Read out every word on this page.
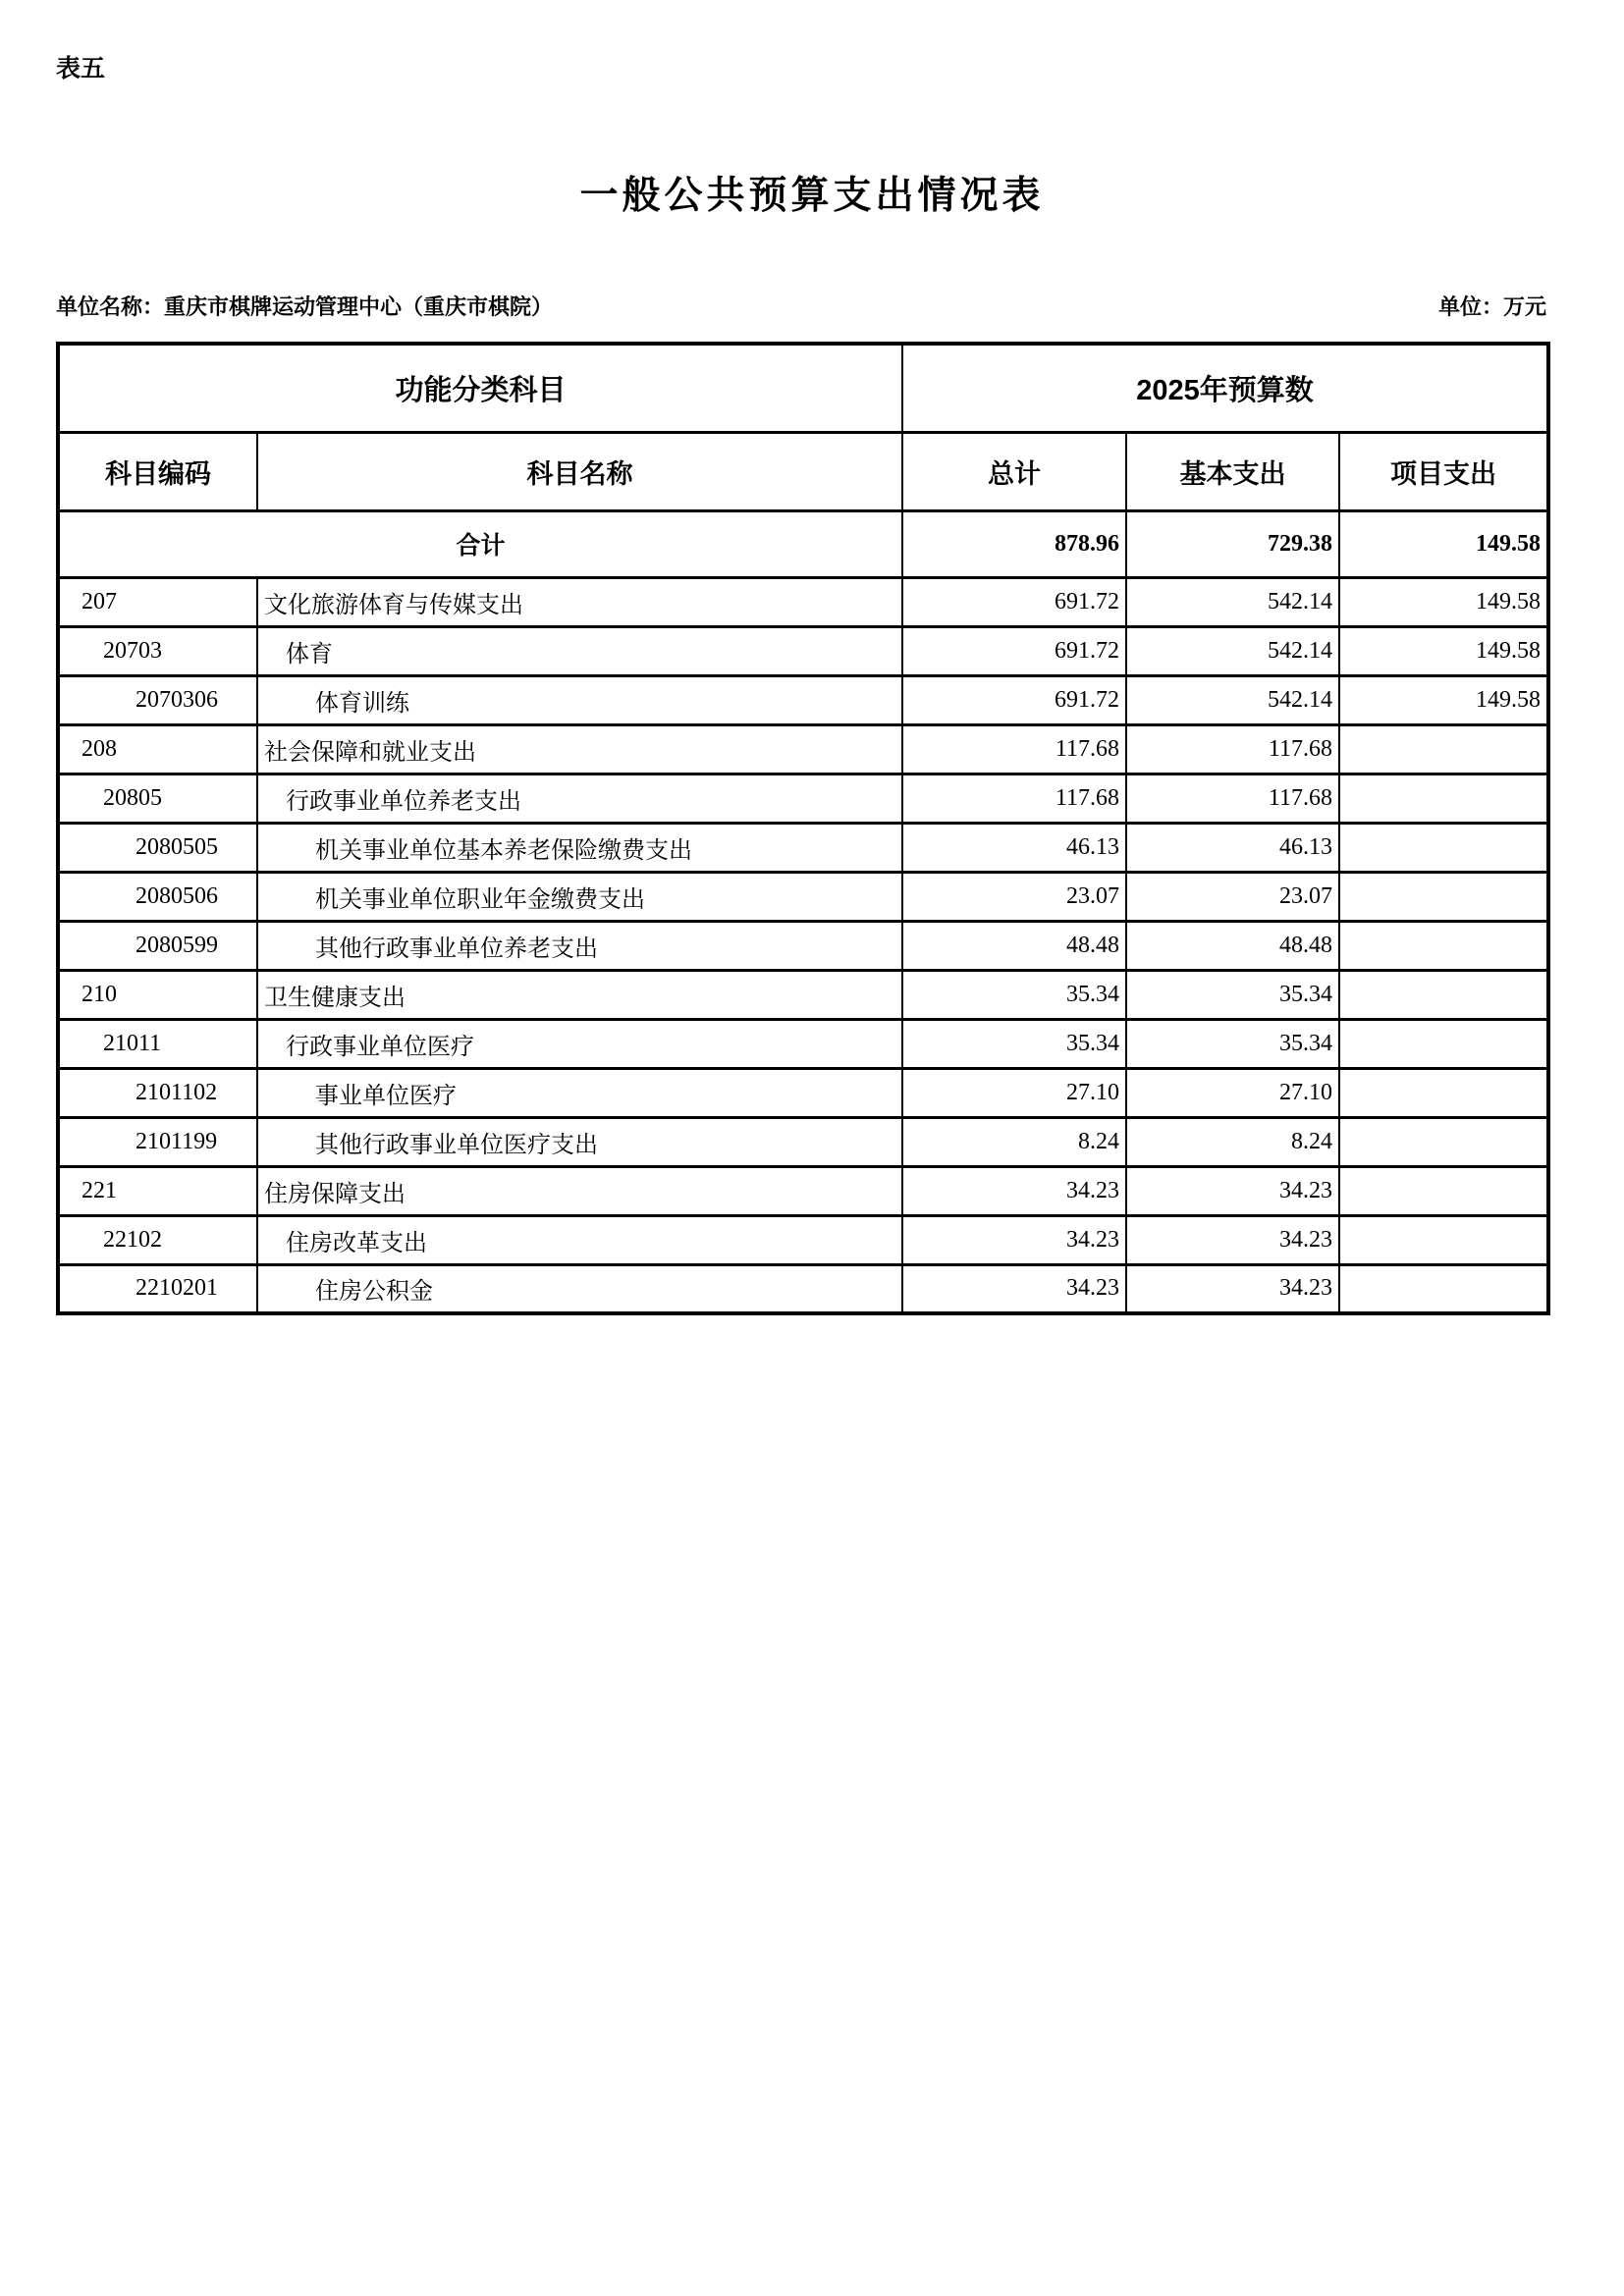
表五
一般公共预算支出情况表
单位名称：重庆市棋牌运动管理中心（重庆市棋院）	单位：万元
功能分类科目		2025年预算数		
科目编码	科目名称	总计	基本支出	项目支出
合计		878.96	729.38	149.58
207	文化旅游体育与传媒支出	691.72	542.14	149.58
20703	体育	691.72	542.14	149.58
2070306	体育训练	691.72	542.14	149.58
208	社会保障和就业支出	117.68	117.68	
20805	行政事业单位养老支出	117.68	117.68	
2080505	机关事业单位基本养老保险缴费支出	46.13	46.13	
2080506	机关事业单位职业年金缴费支出	23.07	23.07	
2080599	其他行政事业单位养老支出	48.48	48.48	
210	卫生健康支出	35.34	35.34	
21011	行政事业单位医疗	35.34	35.34	
2101102	事业单位医疗	27.10	27.10	
2101199	其他行政事业单位医疗支出	8.24	8.24	
221	住房保障支出	34.23	34.23	
22102	住房改革支出	34.23	34.23	
2210201	住房公积金	34.23	34.23	
